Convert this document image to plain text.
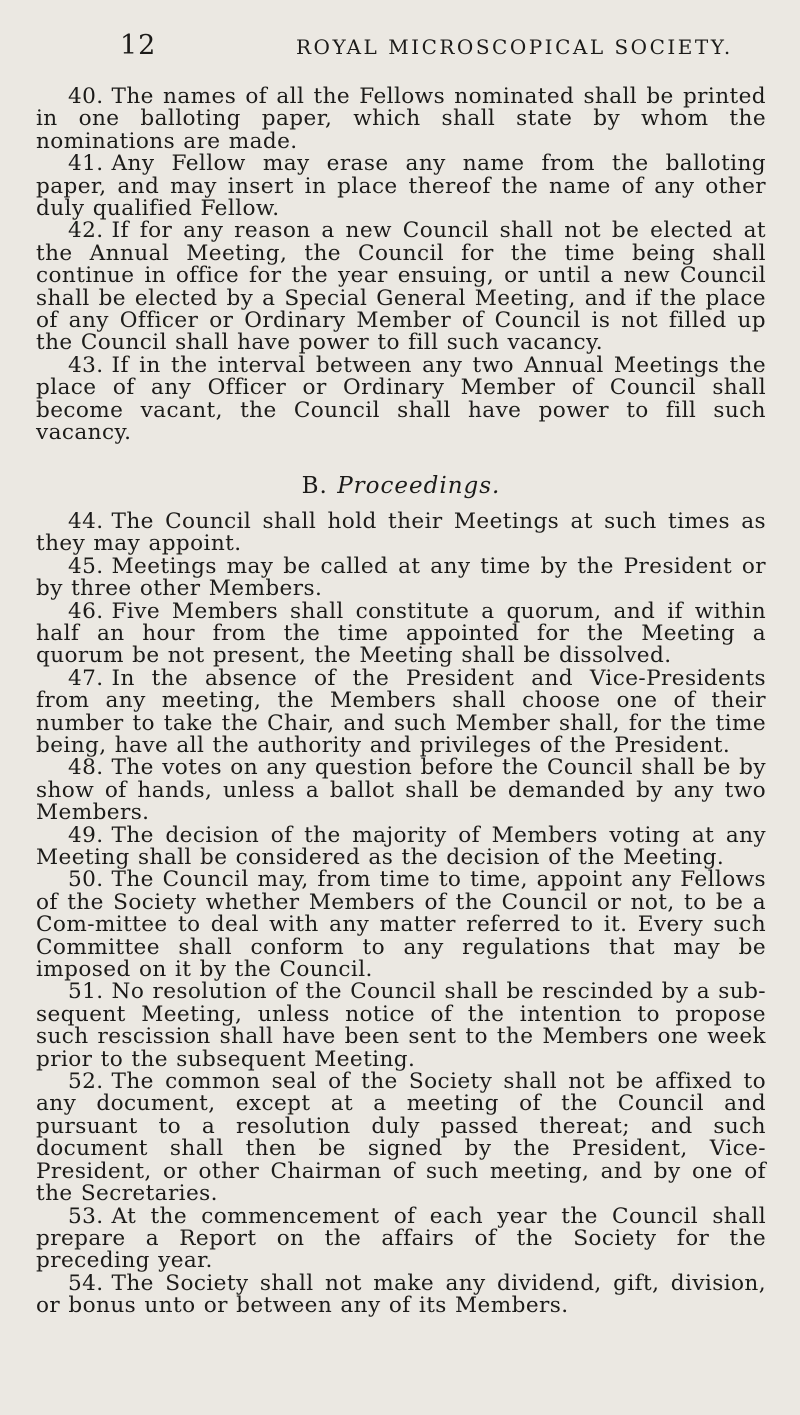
12	ROYAL MICROSCOPICAL SOCIETY.

40. The names of all the Fellows nominated shall be printed in one balloting paper, which shall state by whom the nominations are made.

41. Any Fellow may erase any name from the balloting paper, and may insert in place thereof the name of any other duly qualified Fellow.

42. If for any reason a new Council shall not be elected at the Annual Meeting, the Council for the time being shall continue in office for the year ensuing, or until a new Council shall be elected by a Special General Meeting, and if the place of any Officer or Ordinary Member of Council is not filled up the Council shall have power to fill such vacancy.

43. If in the interval between any two Annual Meetings the place of any Officer or Ordinary Member of Council shall become vacant, the Council shall have power to fill such vacancy.

B. Proceedings.

44. The Council shall hold their Meetings at such times as they may appoint.

45. Meetings may be called at any time by the President or by three other Members.

46. Five Members shall constitute a quorum, and if within half an hour from the time appointed for the Meeting a quorum be not present, the Meeting shall be dissolved.

47. In the absence of the President and Vice-Presidents from any meeting, the Members shall choose one of their number to take the Chair, and such Member shall, for the time being, have all the authority and privileges of the President.

48. The votes on any question before the Council shall be by show of hands, unless a ballot shall be demanded by any two Members.

49. The decision of the majority of Members voting at any Meeting shall be considered as the decision of the Meeting.

50. The Council may, from time to time, appoint any Fellows of the Society whether Members of the Council or not, to be a Com-mittee to deal with any matter referred to it. Every such Committee shall conform to any regulations that may be imposed on it by the Council.

51. No resolution of the Council shall be rescinded by a sub-sequent Meeting, unless notice of the intention to propose such rescission shall have been sent to the Members one week prior to the subsequent Meeting.

52. The common seal of the Society shall not be affixed to any document, except at a meeting of the Council and pursuant to a resolution duly passed thereat; and such document shall then be signed by the President, Vice-President, or other Chairman of such meeting, and by one of the Secretaries.

53. At the commencement of each year the Council shall prepare a Report on the affairs of the Society for the preceding year.

54. The Society shall not make any dividend, gift, division, or bonus unto or between any of its Members.
